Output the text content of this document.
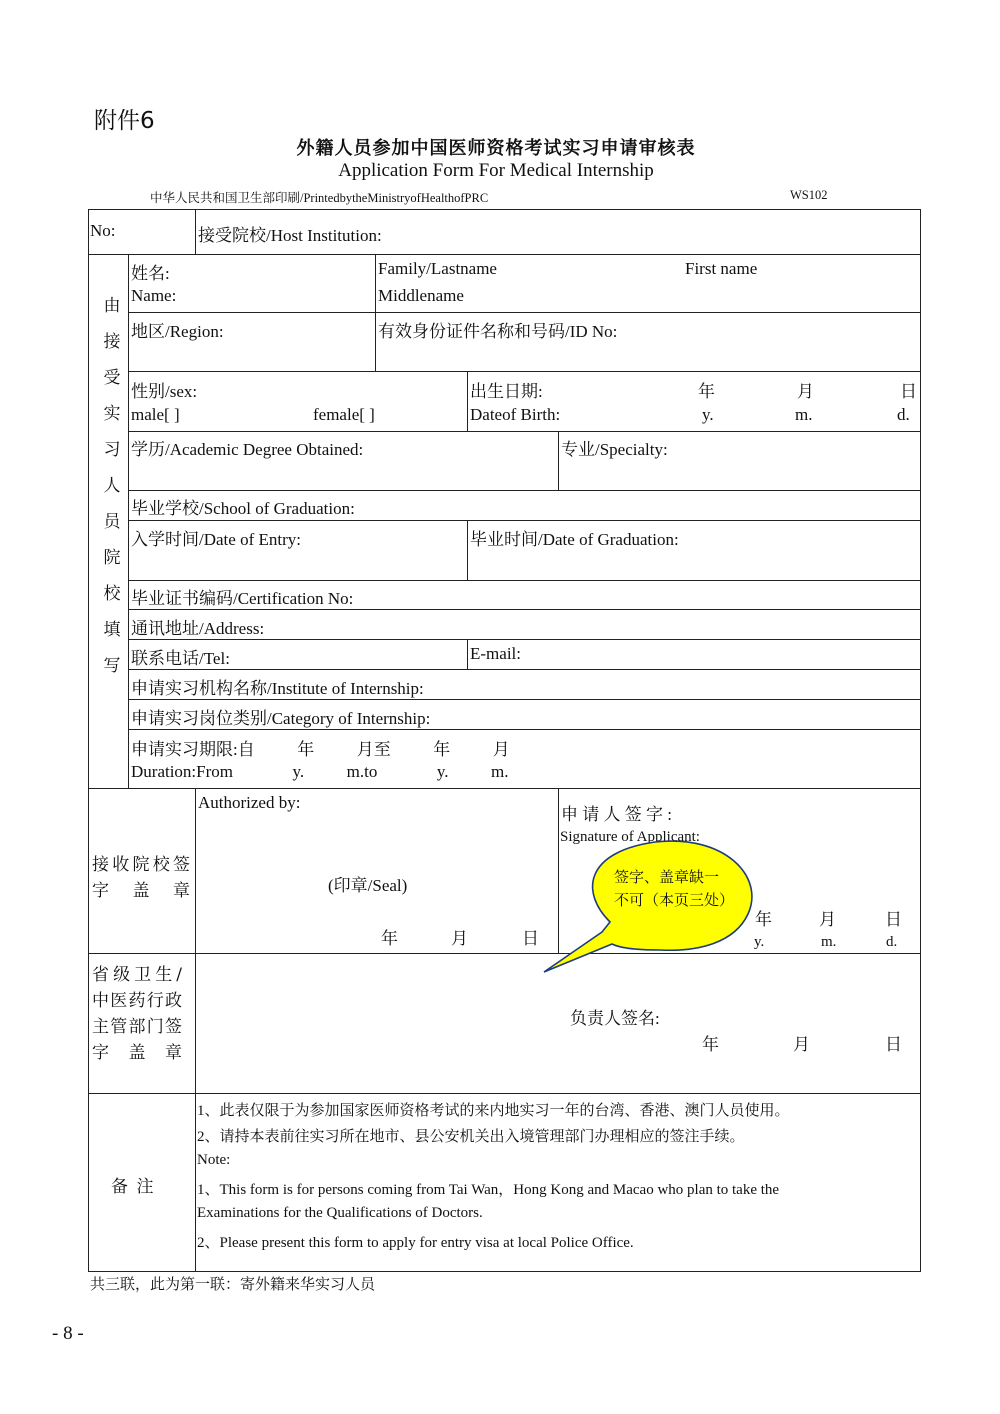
附件6
外籍人员参加中国医师资格考试实习申请审核表
Application Form For Medical Internship
中华人民共和国卫生部印刷/PrintedbytheMinistryofHealthofPRC	WS102
No:	接受院校/Host Institution:
由
接
受
实
习
人
员
院
校
填
写
姓名:
Name:
Family/Lastname	First name
Middlename
地区/Region:	有效身份证件名称和号码/ID No:
性别/sex:
male[ ]	female[ ]
出生日期:
Dateof Birth:
年	月	日
y.	m.	d.
学历/Academic Degree Obtained:	专业/Specialty:
毕业学校/School of Graduation:
入学时间/Date of Entry:	毕业时间/Date of Graduation:
毕业证书编码/Certification No:
通讯地址/Address:
联系电话/Tel:	E-mail:
申请实习机构名称/Institute of Internship:
申请实习岗位类别/Category of Internship:
申请实习期限:自          年          月至          年          月
Duration:From              y.          m.to              y.          m.
接收院校签字盖章
Authorized by:
(印章/Seal)
年	月	日
申 请 人 签 字 :
Signature of Applicant:
年	月	日
y.	m.	d.
签字、盖章缺一不可（本页三处）
省级卫生/中医药行政主管部门签字盖章
负责人签名:
年	月	日
备  注
1、此表仅限于为参加国家医师资格考试的来内地实习一年的台湾、香港、澳门人员使用。
2、请持本表前往实习所在地市、县公安机关出入境管理部门办理相应的签注手续。
Note:
1、This form is for persons coming from Tai Wan，Hong Kong and Macao who plan to take the
Examinations for the Qualifications of Doctors.
2、Please present this form to apply for entry visa at local Police Office.
共三联，此为第一联：寄外籍来华实习人员
- 8 -
